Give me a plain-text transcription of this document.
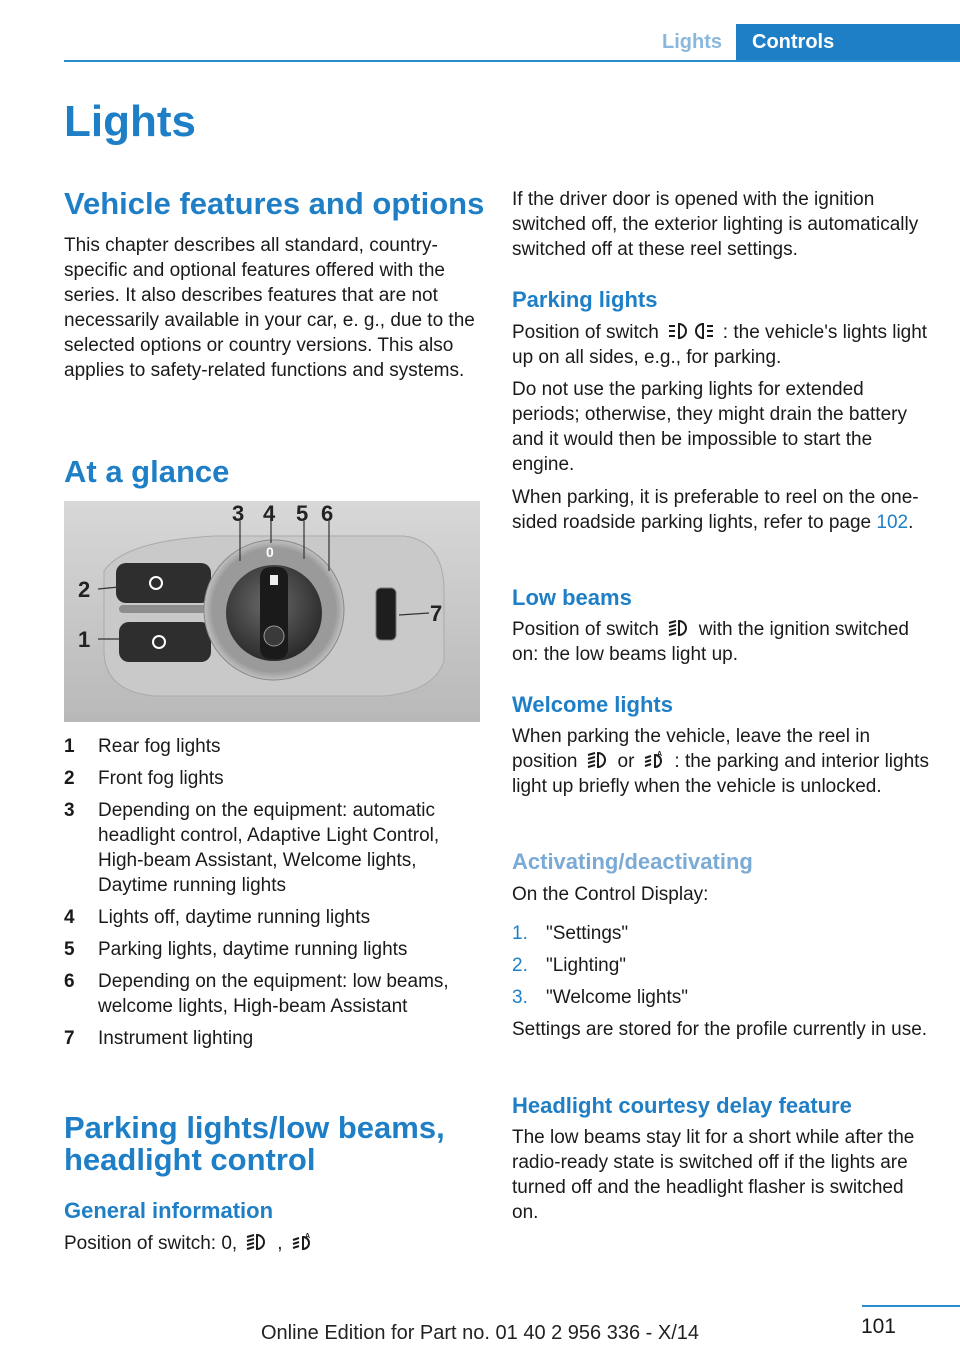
Lights	Controls
Lights
Vehicle features and options

This chapter describes all standard, country-specific and optional features offered with the series. It also describes features that are not necessarily available in your car, e. g., due to the selected options or country versions. This also applies to safety-related functions and systems.

At a glance
2
1
3 4 5 6
7
0
1	Rear fog lights
2	Front fog lights
3	Depending on the equipment: automatic headlight control, Adaptive Light Control, High-beam Assistant, Welcome lights, Daytime running lights
4	Lights off, daytime running lights
5	Parking lights, daytime running lights
6	Depending on the equipment: low beams, welcome lights, High-beam Assistant
7	Instrument lighting
Parking lights/low beams, headlight control
General information

Position of switch: 0, ,	A

If the driver door is opened with the ignition switched off, the exterior lighting is automatically switched off at these reel settings.

Parking lights

Position of switch	: the vehicle's lights light up on all sides, e.g., for parking.

Do not use the parking lights for extended periods; otherwise, they might drain the battery and it would then be impossible to start the engine.

When parking, it is preferable to reel on the one-sided roadside parking lights, refer to page 102.

Low beams

Position of switch with the ignition switched on: the low beams light up.

Welcome lights

When parking the vehicle, leave the reel in position or	A : the parking and interior lights light up briefly when the vehicle is unlocked.

Activating/deactivating

On the Control Display:

1. "Settings"
2. "Lighting"
3. "Welcome lights"

Settings are stored for the profile currently in use.

Headlight courtesy delay feature

The low beams stay lit for a short while after the radio-ready state is switched off if the lights are turned off and the headlight flasher is switched on.

101
Online Edition for Part no. 01 40 2 956 336 - X/14
